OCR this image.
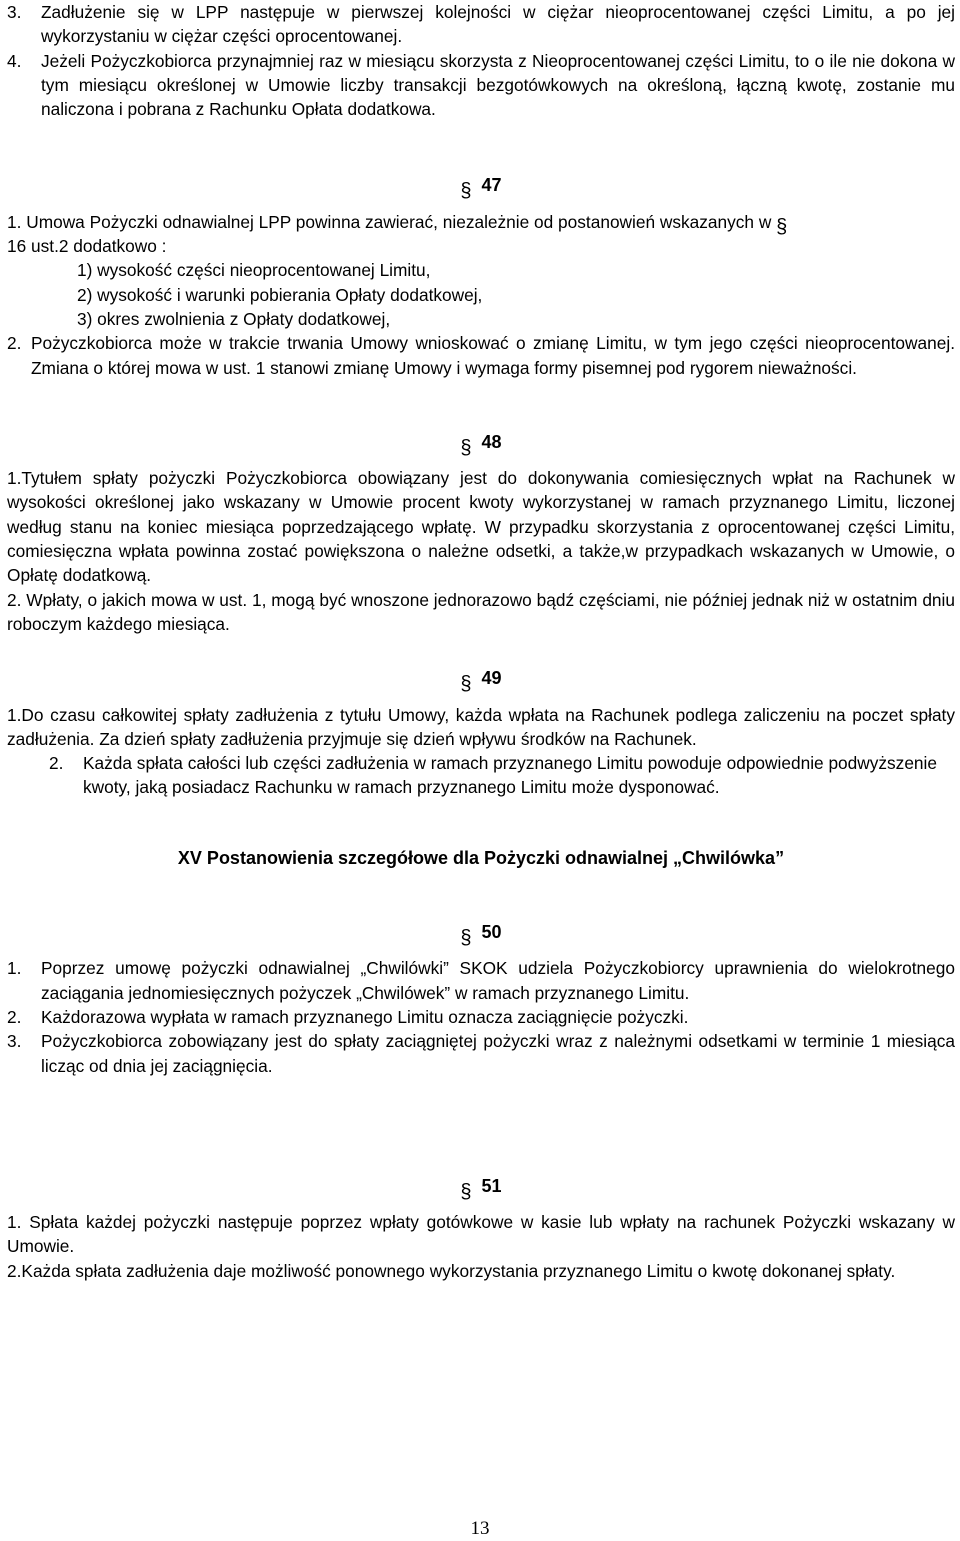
3. Zadłużenie się w LPP następuje w pierwszej kolejności w ciężar nieoprocentowanej części Limitu, a po jej wykorzystaniu w ciężar części oprocentowanej.

4. Jeżeli Pożyczkobiorca przynajmniej raz w miesiącu skorzysta z Nieoprocentowanej części Limitu, to o ile nie dokona w tym miesiącu określonej w Umowie liczby transakcji bezgotówkowych na określoną, łączną kwotę, zostanie mu naliczona i pobrana z Rachunku Opłata dodatkowa.

§ 47

1. Umowa Pożyczki odnawialnej LPP powinna zawierać, niezależnie od postanowień wskazanych w §

16 ust.2 dodatkowo :

1) wysokość części nieoprocentowanej Limitu,
2) wysokość i warunki pobierania Opłaty dodatkowej,
3) okres zwolnienia z Opłaty dodatkowej,

2. Pożyczkobiorca może w trakcie trwania Umowy wnioskować o zmianę Limitu, w tym jego części nieoprocentowanej. Zmiana o której mowa w ust. 1 stanowi zmianę Umowy i wymaga formy pisemnej pod rygorem nieważności.

§ 48

1.Tytułem spłaty pożyczki Pożyczkobiorca obowiązany jest do dokonywania comiesięcznych wpłat na Rachunek w wysokości określonej jako wskazany w Umowie procent kwoty wykorzystanej w ramach przyznanego Limitu, liczonej według stanu na koniec miesiąca poprzedzającego wpłatę. W przypadku skorzystania z oprocentowanej części Limitu, comiesięczna wpłata powinna zostać powiększona o należne odsetki, a także,w przypadkach wskazanych w Umowie, o Opłatę dodatkową.

2. Wpłaty, o jakich mowa w ust. 1, mogą być wnoszone jednorazowo bądź częściami, nie później jednak niż w ostatnim dniu roboczym każdego miesiąca.

§ 49

1.Do czasu całkowitej spłaty zadłużenia z tytułu Umowy, każda wpłata na Rachunek podlega zaliczeniu na poczet spłaty zadłużenia. Za dzień spłaty zadłużenia przyjmuje się dzień wpływu środków na Rachunek.

2. Każda spłata całości lub części zadłużenia w ramach przyznanego Limitu powoduje odpowiednie podwyższenie kwoty, jaką posiadacz Rachunku w ramach przyznanego Limitu może dysponować.

XV Postanowienia szczegółowe dla Pożyczki odnawialnej „Chwilówka”

§ 50

1. Poprzez umowę pożyczki odnawialnej „Chwilówki” SKOK udziela Pożyczkobiorcy uprawnienia do wielokrotnego zaciągania jednomiesięcznych pożyczek „Chwilówek” w ramach przyznanego Limitu.

2. Każdorazowa wypłata w ramach przyznanego Limitu oznacza zaciągnięcie pożyczki.

3. Pożyczkobiorca zobowiązany jest do spłaty zaciągniętej pożyczki wraz z należnymi odsetkami w terminie 1 miesiąca licząc od dnia jej zaciągnięcia.

§ 51

1. Spłata każdej pożyczki następuje poprzez wpłaty gotówkowe w kasie lub wpłaty na rachunek Pożyczki wskazany w Umowie.

2.Każda spłata zadłużenia daje możliwość ponownego wykorzystania przyznanego Limitu o kwotę dokonanej spłaty.

13
